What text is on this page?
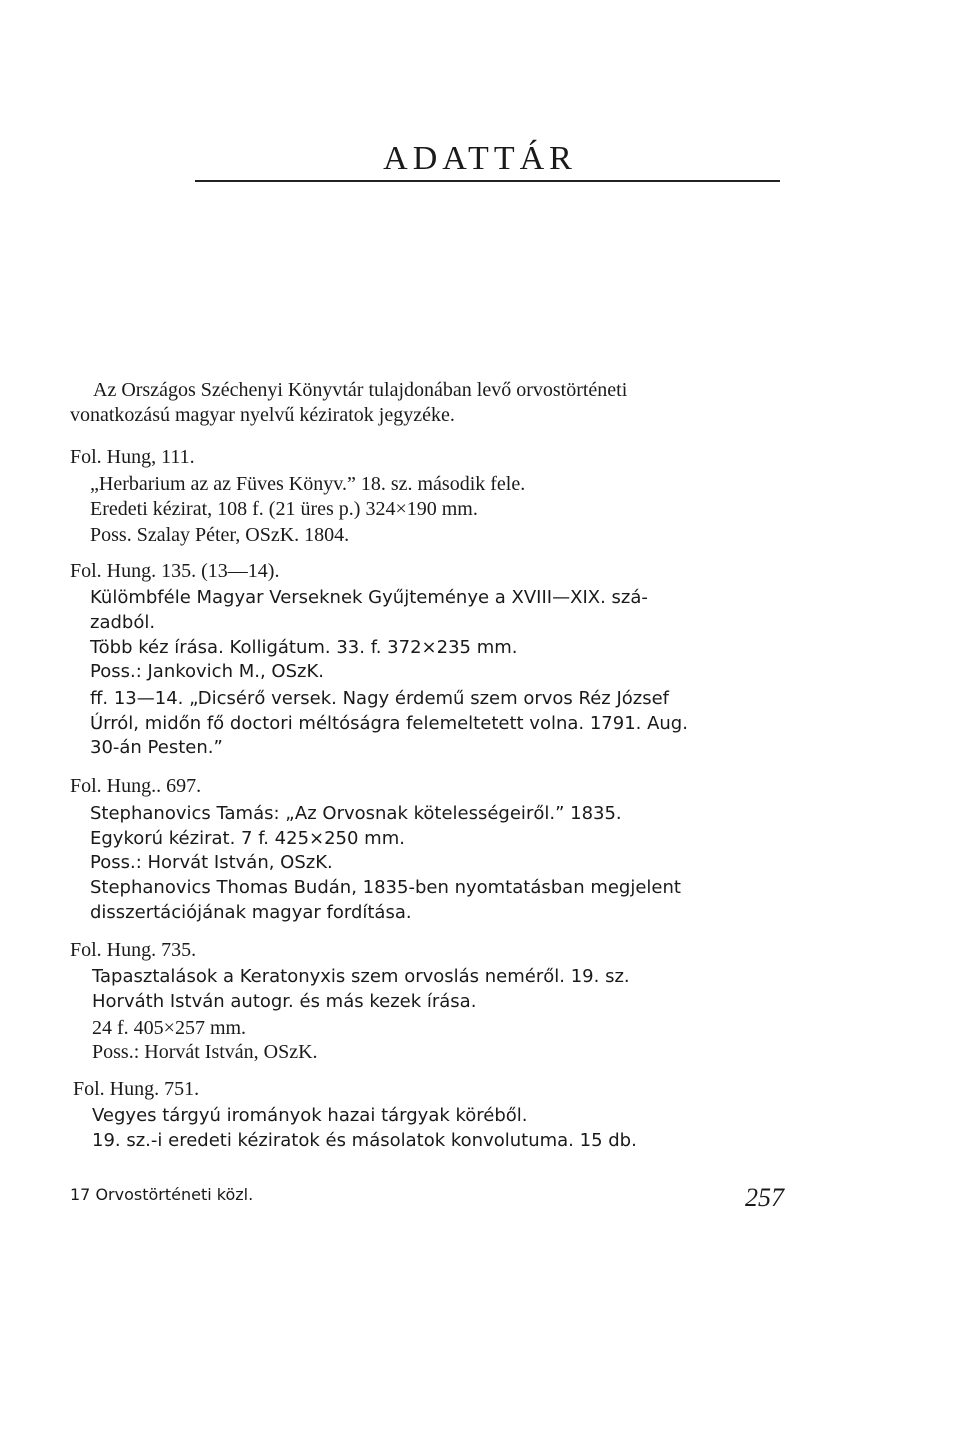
ADATTÁR
Az Országos Széchenyi Könyvtár tulajdonában levő orvostörténeti
vonatkozású magyar nyelvű kéziratok jegyzéke.
Fol. Hung, 111.
„Herbarium az az Füves Könyv.” 18. sz. második fele.
Eredeti kézirat, 108 f. (21 üres p.) 324×190 mm.
Poss. Szalay Péter, OSzK. 1804.
Fol. Hung. 135. (13—14).
Külömbféle Magyar Verseknek Gyűjteménye a XVIII—XIX. szá-
zadból.
Több kéz írása. Kolligátum. 33. f. 372×235 mm.
Poss.: Jankovich M., OSzK.
ff. 13—14. „Dicsérő versek. Nagy érdemű szem orvos Réz József
Úrról, midőn fő doctori méltóságra felemeltetett volna. 1791. Aug.
30-án Pesten.”
Fol. Hung.. 697.
Stephanovics Tamás: „Az Orvosnak kötelességeiről.” 1835.
Egykorú kézirat. 7 f. 425×250 mm.
Poss.: Horvát István, OSzK.
Stephanovics Thomas Budán, 1835-ben nyomtatásban megjelent
disszertációjának magyar fordítása.
Fol. Hung. 735.
Tapasztalások a Keratonyxis szem orvoslás neméről. 19. sz.
Horváth István autogr. és más kezek írása.
24 f. 405×257 mm.
Poss.: Horvát István, OSzK.
Fol. Hung. 751.
Vegyes tárgyú irományok hazai tárgyak köréből.
19. sz.-i eredeti kéziratok és másolatok konvolutuma. 15 db.
17 Orvostörténeti közl.	257
